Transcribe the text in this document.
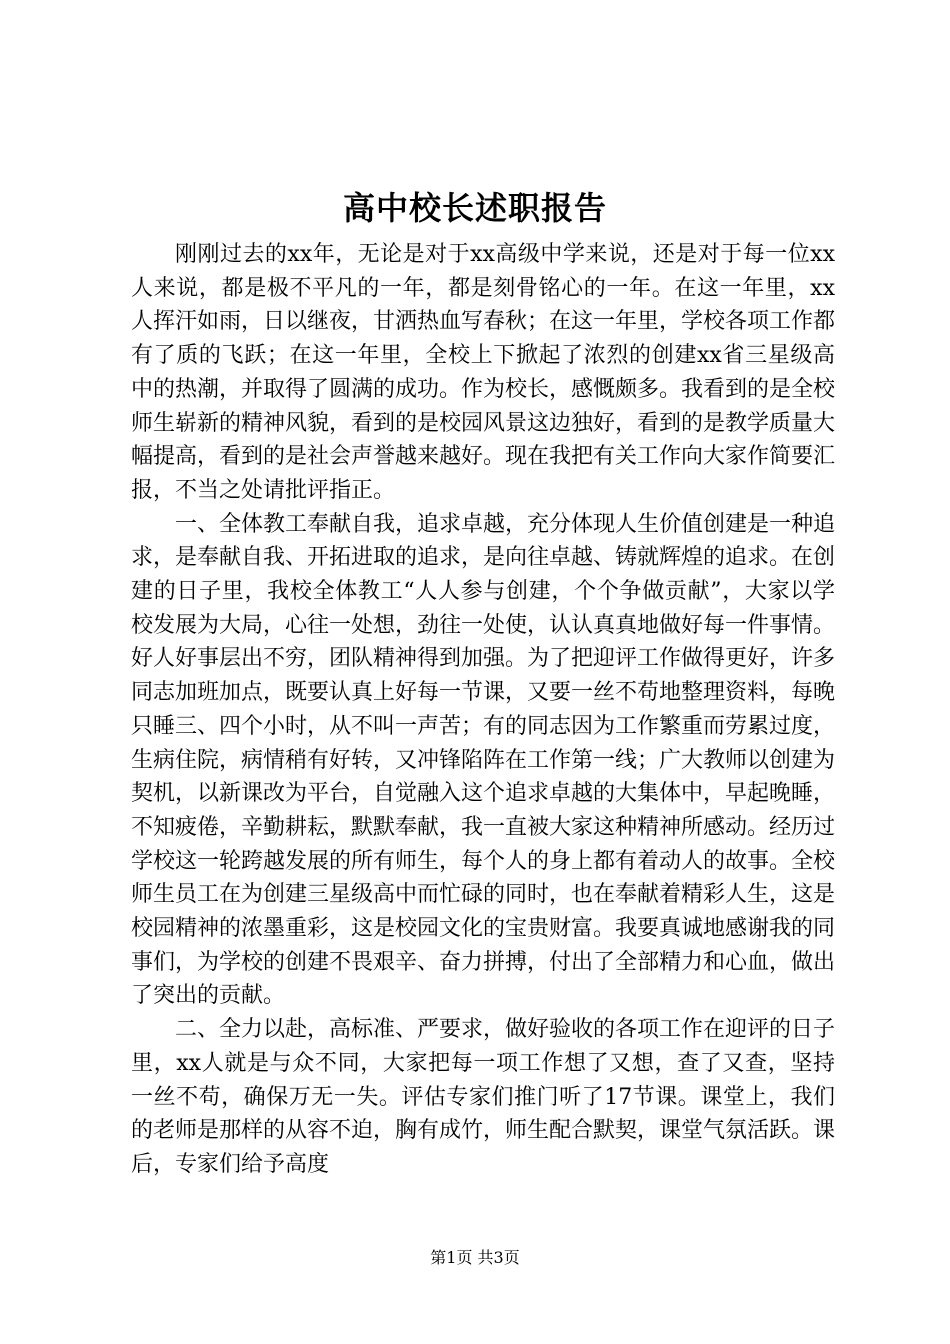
高中校长述职报告

刚刚过去的xx年，无论是对于xx高级中学来说，还是对于每一位xx人来说，都是极不平凡的一年，都是刻骨铭心的一年。在这一年里，xx人挥汗如雨，日以继夜，甘洒热血写春秋；在这一年里，学校各项工作都有了质的飞跃；在这一年里，全校上下掀起了浓烈的创建xx省三星级高中的热潮，并取得了圆满的成功。作为校长，感慨颇多。我看到的是全校师生崭新的精神风貌，看到的是校园风景这边独好，看到的是教学质量大幅提高，看到的是社会声誉越来越好。现在我把有关工作向大家作简要汇报，不当之处请批评指正。

一、全体教工奉献自我，追求卓越，充分体现人生价值创建是一种追求，是奉献自我、开拓进取的追求，是向往卓越、铸就辉煌的追求。在创建的日子里，我校全体教工“人人参与创建，个个争做贡献”，大家以学校发展为大局，心往一处想，劲往一处使，认认真真地做好每一件事情。好人好事层出不穷，团队精神得到加强。为了把迎评工作做得更好，许多同志加班加点，既要认真上好每一节课，又要一丝不苟地整理资料，每晚只睡三、四个小时，从不叫一声苦；有的同志因为工作繁重而劳累过度，生病住院，病情稍有好转，又冲锋陷阵在工作第一线；广大教师以创建为契机，以新课改为平台，自觉融入这个追求卓越的大集体中，早起晚睡，不知疲倦，辛勤耕耘，默默奉献，我一直被大家这种精神所感动。经历过学校这一轮跨越发展的所有师生，每个人的身上都有着动人的故事。全校师生员工在为创建三星级高中而忙碌的同时，也在奉献着精彩人生，这是校园精神的浓墨重彩，这是校园文化的宝贵财富。我要真诚地感谢我的同事们，为学校的创建不畏艰辛、奋力拼搏，付出了全部精力和心血，做出了突出的贡献。

二、全力以赴，高标准、严要求，做好验收的各项工作在迎评的日子里，xx人就是与众不同，大家把每一项工作想了又想，查了又查，坚持一丝不苟，确保万无一失。评估专家们推门听了17节课。课堂上，我们的老师是那样的从容不迫，胸有成竹，师生配合默契，课堂气氛活跃。课后，专家们给予高度

第1页 共3页
